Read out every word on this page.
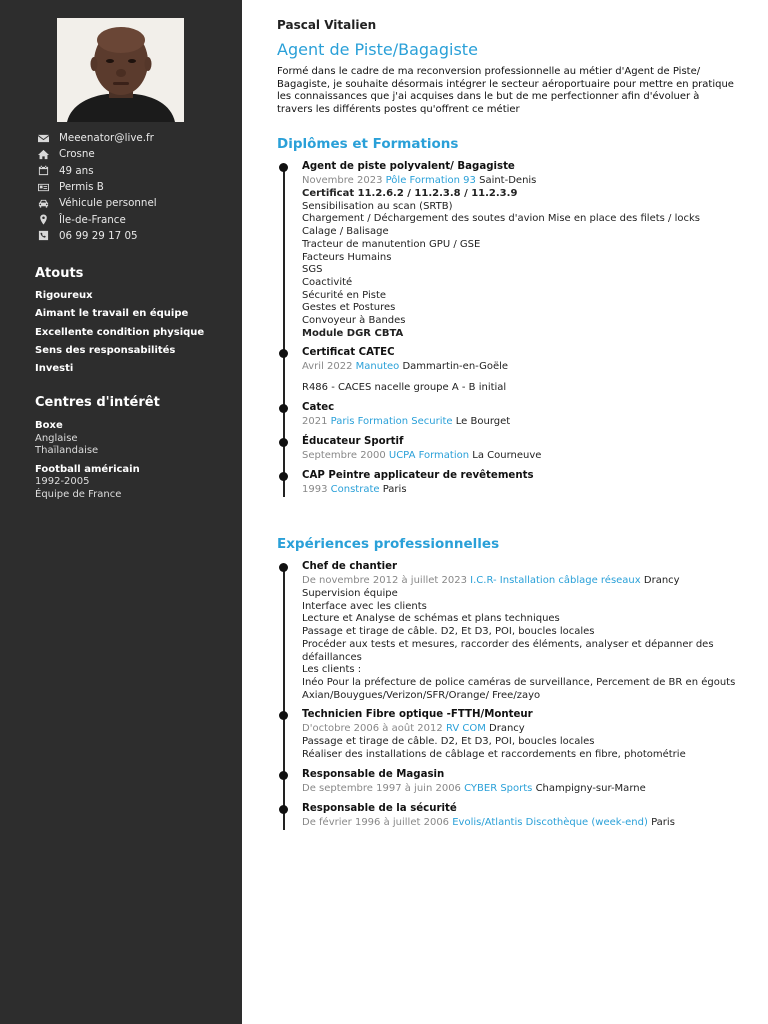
Meeenator@live.fr
Crosne
49 ans
Permis B
Véhicule personnel
Île-de-France
06 99 29 17 05
Atouts
Rigoureux
Aimant le travail en équipe
Excellente condition physique
Sens des responsabilités
Investi
Centres d'intérêt
Boxe
Anglaise
Thaïlandaise
Football américain
1992-2005
Équipe de France
Pascal Vitalien
Agent de Piste/Bagagiste
Formé dans le cadre de ma reconversion professionnelle au métier d'Agent de Piste/ Bagagiste, je souhaite désormais intégrer le secteur aéroportuaire pour mettre en pratique les connaissances que j'ai acquises dans le but de me perfectionner afin d'évoluer à travers les différents postes qu'offrent ce métier
Diplômes et Formations
Agent de piste polyvalent/ Bagagiste
Novembre 2023 Pôle Formation 93 Saint-Denis
Certificat 11.2.6.2 / 11.2.3.8 / 11.2.3.9
Sensibilisation au scan (SRTB)
Chargement / Déchargement des soutes d'avion Mise en place des filets / locks
Calage / Balisage
Tracteur de manutention GPU / GSE
Facteurs Humains
SGS
Coactivité
Sécurité en Piste
Gestes et Postures
Convoyeur à Bandes
Module DGR CBTA
Certificat CATEC
Avril 2022 Manuteo Dammartin-en-Goële
R486 - CACES nacelle groupe A - B initial
Catec
2021 Paris Formation Securite Le Bourget
Éducateur Sportif
Septembre 2000 UCPA Formation La Courneuve
CAP Peintre applicateur de revêtements
1993 Constrate Paris
Expériences professionnelles
Chef de chantier
De novembre 2012 à juillet 2023 I.C.R- Installation câblage réseaux Drancy
Supervision équipe
Interface avec les clients
Lecture et Analyse de schémas et plans techniques
Passage et tirage de câble. D2, Et D3, POI, boucles locales
Procéder aux tests et mesures, raccorder des éléments, analyser et dépanner des défaillances
Les clients :
Inéo Pour la préfecture de police caméras de surveillance, Percement de BR en égouts
Axian/Bouygues/Verizon/SFR/Orange/ Free/zayo
Technicien Fibre optique -FTTH/Monteur
D'octobre 2006 à août 2012 RV COM Drancy
Passage et tirage de câble. D2, Et D3, POI, boucles locales
Réaliser des installations de câblage et raccordements en fibre, photométrie
Responsable de Magasin
De septembre 1997 à juin 2006 CYBER Sports Champigny-sur-Marne
Responsable de la sécurité
De février 1996 à juillet 2006 Evolis/Atlantis Discothèque (week-end) Paris
